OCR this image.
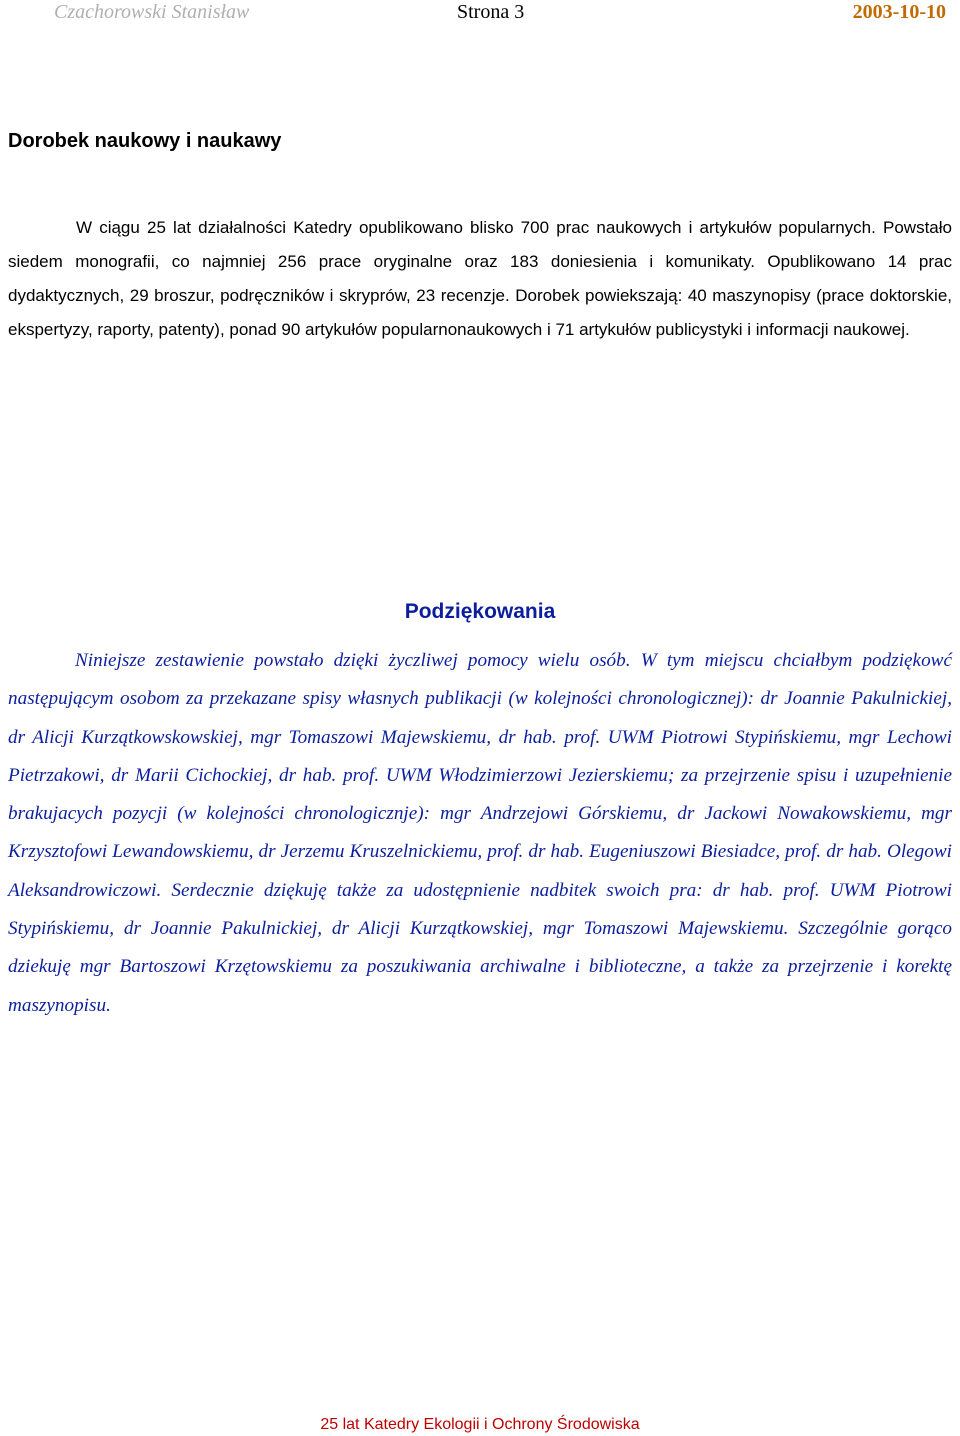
Czachorowski Stanisław	Strona 3	2003-10-10
Dorobek naukowy i naukawy

W ciągu 25 lat działalności Katedry opublikowano blisko 700 prac naukowych i artykułów popularnych. Powstało siedem monografii, co najmniej 256 prace oryginalne oraz 183 doniesienia i komunikaty. Opublikowano 14 prac dydaktycznych, 29 broszur, podręczników i skryprów, 23 recenzje. Dorobek powiekszają: 40 maszynopisy (prace doktorskie, ekspertyzy, raporty, patenty), ponad 90 artykułów popularnonaukowych i 71 artykułów publicystyki i informacji naukowej.

Podziękowania

Niniejsze zestawienie powstało dzięki życzliwej pomocy wielu osób. W tym miejscu chciałbym podziękowć następującym osobom za przekazane spisy własnych publikacji (w kolejności chronologicznej): dr Joannie Pakulnickiej, dr Alicji Kurzątkowskowskiej, mgr Tomaszowi Majewskiemu, dr hab. prof. UWM Piotrowi Stypińskiemu, mgr Lechowi Pietrzakowi, dr Marii Cichockiej, dr hab. prof. UWM Włodzimierzowi Jezierskiemu; za przejrzenie spisu i uzupełnienie brakujacych pozycji (w kolejności chronologicznje): mgr Andrzejowi Górskiemu, dr Jackowi Nowakowskiemu, mgr Krzysztofowi Lewandowskiemu, dr Jerzemu Kruszelnickiemu, prof. dr hab. Eugeniuszowi Biesiadce, prof. dr hab. Olegowi Aleksandrowiczowi. Serdecznie dziękuję także za udostępnienie nadbitek swoich pra: dr hab. prof. UWM Piotrowi Stypińskiemu, dr Joannie Pakulnickiej, dr Alicji Kurzątkowskiej, mgr Tomaszowi Majewskiemu. Szczególnie gorąco dziekuję mgr Bartoszowi Krzętowskiemu za poszukiwania archiwalne i biblioteczne, a także za przejrzenie i korektę maszynopisu.

25 lat Katedry Ekologii i Ochrony Środowiska
